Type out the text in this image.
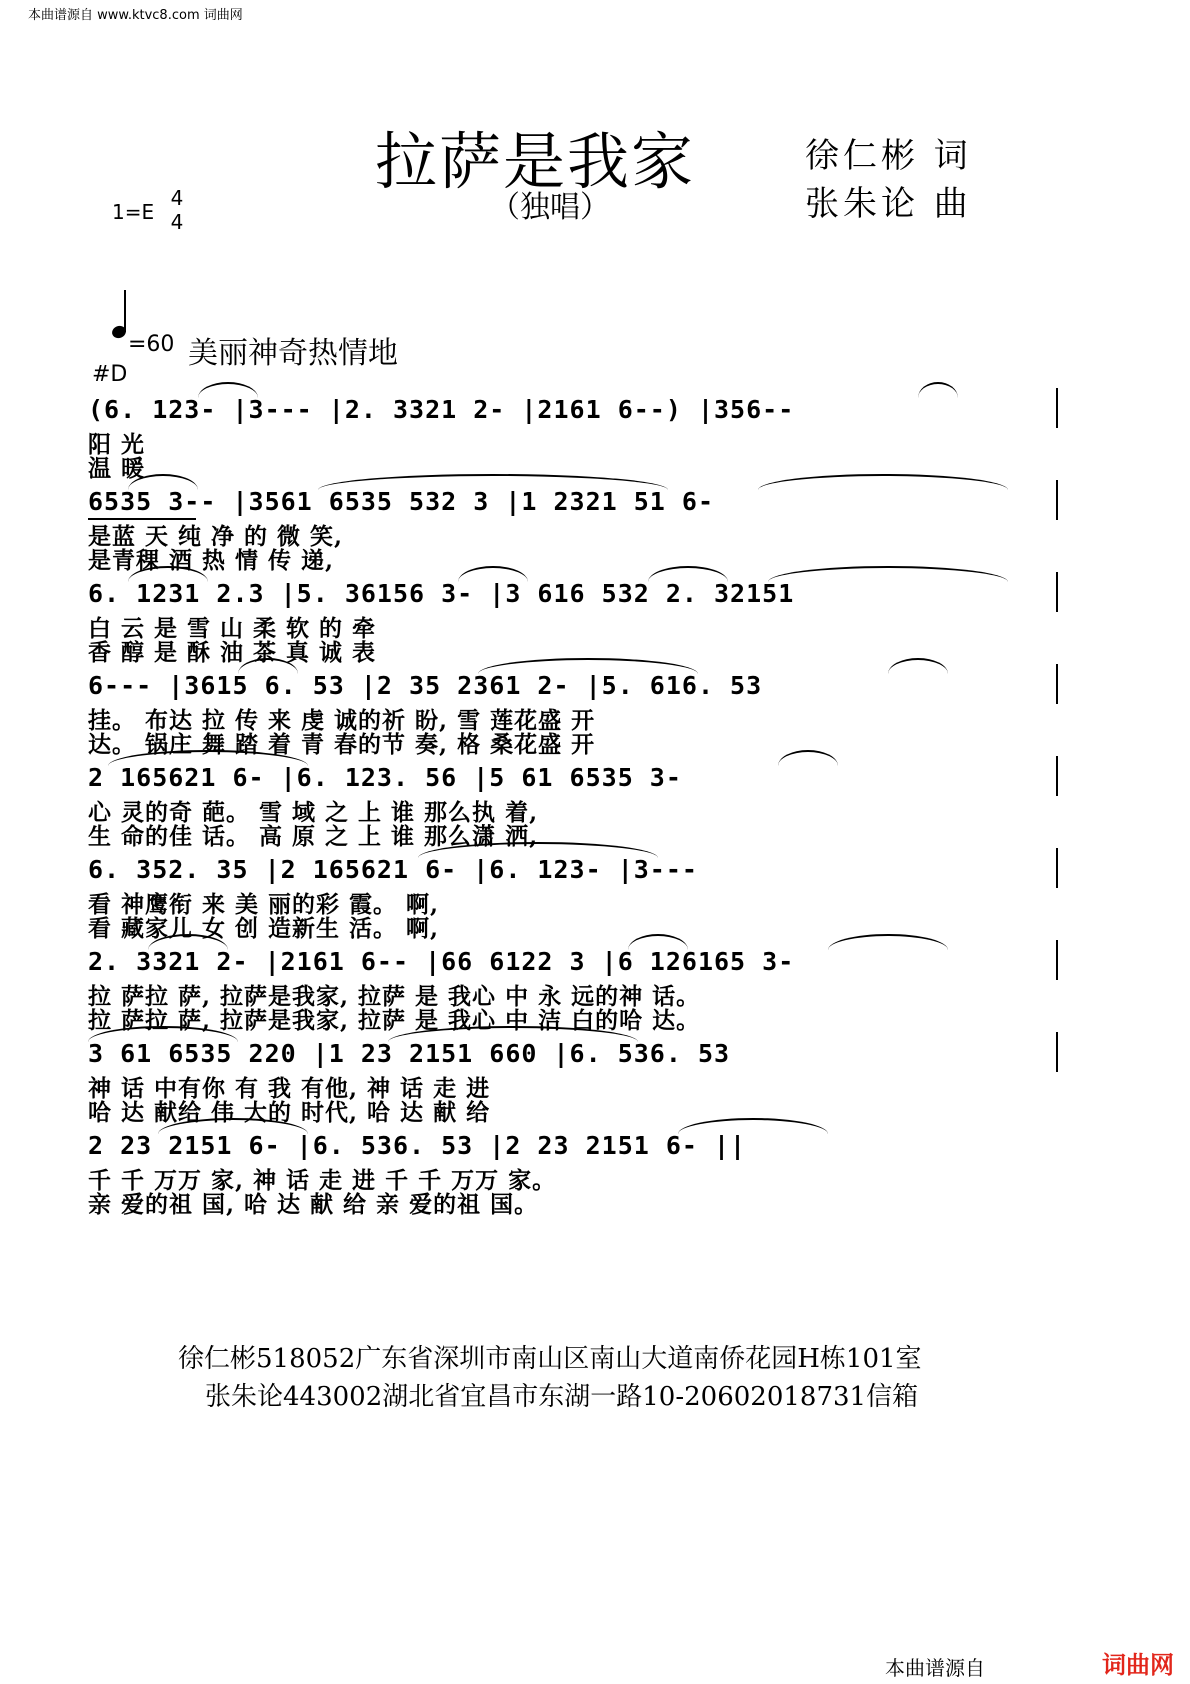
本曲谱源自 www.ktvc8.com 词曲网
拉萨是我家
（独唱）
徐仁彬 词
张朱论 曲
1=E
4
4
=60 美丽神奇热情地
#D
(6. 123- |3--- |2. 3321 2- |2161 6--) |356--
阳 光
温 暖
6535 3-- |3561 6535 532 3 |1 2321 51 6-
是蓝 天 纯 净 的 微 笑,
是青稞 酒 热 情 传 递,
6. 1231 2.3 |5. 36156 3- |3 616 532 2. 32151
白 云 是 雪 山 柔 软 的 牵
香 醇 是 酥 油 茶 真 诚 表
6--- |3615 6. 53 |2 35 2361 2- |5. 616. 53
挂。 布达 拉 传 来 虔 诚的祈 盼, 雪 莲花盛 开
达。 锅庄 舞 踏 着 青 春的节 奏, 格 桑花盛 开
2 165621 6- |6. 123. 56 |5 61 6535 3-
心 灵的奇 葩。 雪 域 之 上 谁 那么执 着,
生 命的佳 话。 高 原 之 上 谁 那么潇 洒,
6. 352. 35 |2 165621 6- |6. 123- |3---
看 神鹰衔 来 美 丽的彩 霞。 啊,
看 藏家儿 女 创 造新生 活。 啊,
2. 3321 2- |2161 6-- |66 6122 3 |6 126165 3-
拉 萨拉 萨, 拉萨是我家, 拉萨 是 我心 中 永 远的神 话。
拉 萨拉 萨, 拉萨是我家, 拉萨 是 我心 中 洁 白的哈 达。
3 61 6535 220 |1 23 2151 660 |6. 536. 53
神 话 中有你 有 我 有他, 神 话 走 进
哈 达 献给 伟 大的 时代, 哈 达 献 给
2 23 2151 6- |6. 536. 53 |2 23 2151 6- ||
千 千 万万 家, 神 话 走 进 千 千 万万 家。
亲 爱的祖 国, 哈 达 献 给 亲 爱的祖 国。
徐仁彬518052广东省深圳市南山区南山大道南侨花园H栋101室
张朱论443002湖北省宜昌市东湖一路10-20602018731信箱
本曲谱源自	词曲网
